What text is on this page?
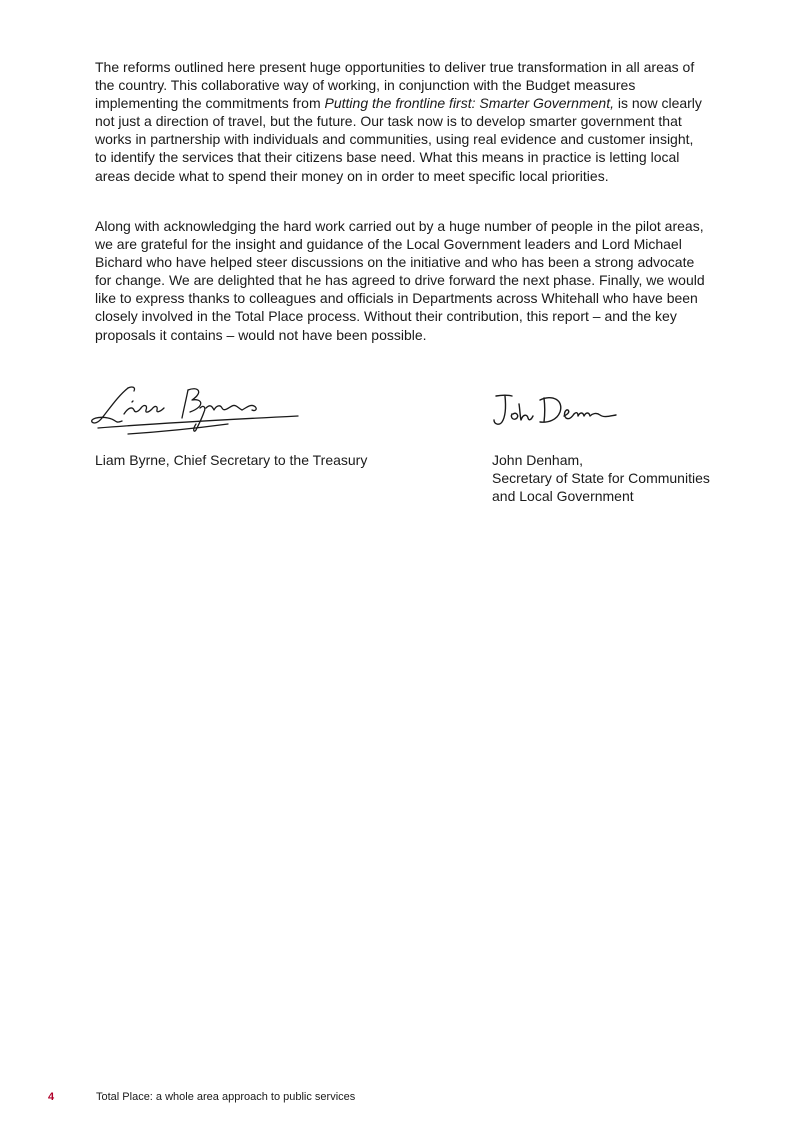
The reforms outlined here present huge opportunities to deliver true transformation in all areas of the country. This collaborative way of working, in conjunction with the Budget measures implementing the commitments from Putting the frontline first: Smarter Government, is now clearly not just a direction of travel, but the future. Our task now is to develop smarter government that works in partnership with individuals and communities, using real evidence and customer insight, to identify the services that their citizens base need. What this means in practice is letting local areas decide what to spend their money on in order to meet specific local priorities.

Along with acknowledging the hard work carried out by a huge number of people in the pilot areas, we are grateful for the insight and guidance of the Local Government leaders and Lord Michael Bichard who have helped steer discussions on the initiative and who has been a strong advocate for change. We are delighted that he has agreed to drive forward the next phase. Finally, we would like to express thanks to colleagues and officials in Departments across Whitehall who have been closely involved in the Total Place process. Without their contribution, this report – and the key proposals it contains – would not have been possible.

Liam Byrne
John Denham
Liam Byrne, Chief Secretary to the Treasury	John Denham,
Secretary of State for Communities
and Local Government
4	Total Place: a whole area approach to public services
